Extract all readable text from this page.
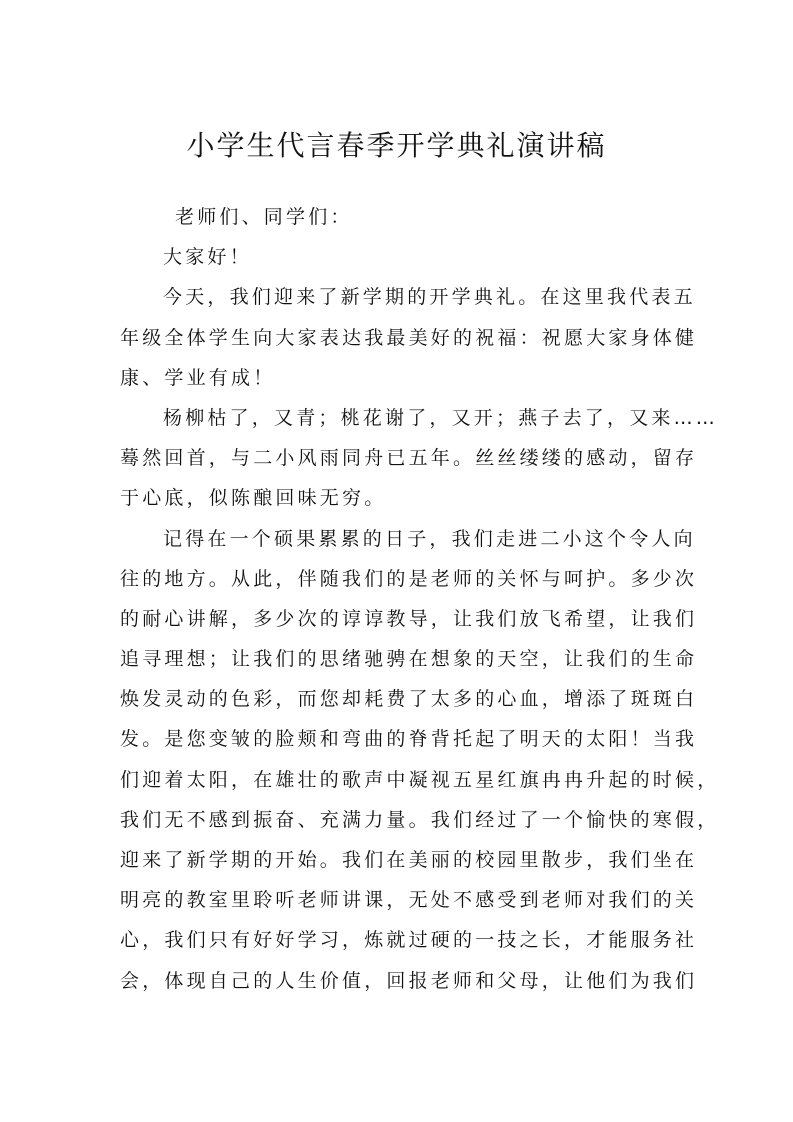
小学生代言春季开学典礼演讲稿
老师们、同学们：
大家好！
今天，我们迎来了新学期的开学典礼。在这里我代表五
年级全体学生向大家表达我最美好的祝福：祝愿大家身体健
康、学业有成！
杨柳枯了，又青；桃花谢了，又开；燕子去了，又来……
蓦然回首，与二小风雨同舟已五年。丝丝缕缕的感动，留存
于心底，似陈酿回味无穷。
记得在一个硕果累累的日子，我们走进二小这个令人向
往的地方。从此，伴随我们的是老师的关怀与呵护。多少次
的耐心讲解，多少次的谆谆教导，让我们放飞希望，让我们
追寻理想；让我们的思绪驰骋在想象的天空，让我们的生命
焕发灵动的色彩，而您却耗费了太多的心血，增添了斑斑白
发。是您变皱的脸颊和弯曲的脊背托起了明天的太阳！当我
们迎着太阳，在雄壮的歌声中凝视五星红旗冉冉升起的时候，
我们无不感到振奋、充满力量。我们经过了一个愉快的寒假，
迎来了新学期的开始。我们在美丽的校园里散步，我们坐在
明亮的教室里聆听老师讲课，无处不感受到老师对我们的关
心，我们只有好好学习，炼就过硬的一技之长，才能服务社
会，体现自己的人生价值，回报老师和父母，让他们为我们
